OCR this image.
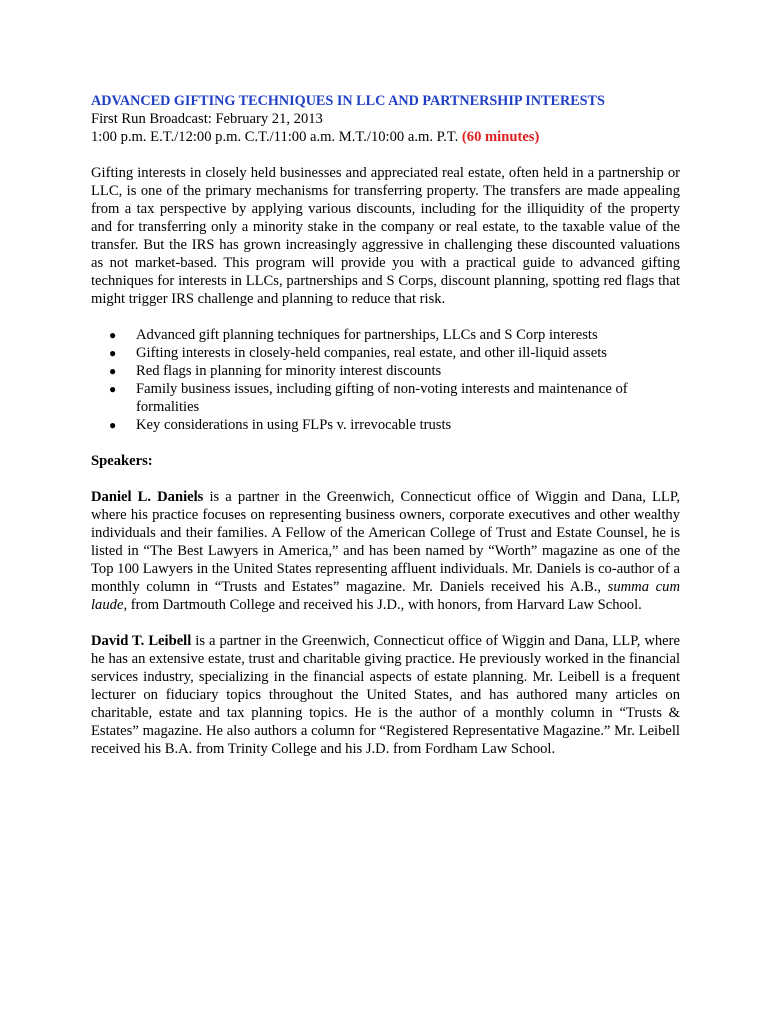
ADVANCED GIFTING TECHNIQUES IN LLC AND PARTNERSHIP INTERESTS
First Run Broadcast: February 21, 2013
1:00 p.m. E.T./12:00 p.m. C.T./11:00 a.m. M.T./10:00 a.m. P.T. (60 minutes)

Gifting interests in closely held businesses and appreciated real estate, often held in a partnership or LLC, is one of the primary mechanisms for transferring property. The transfers are made appealing from a tax perspective by applying various discounts, including for the illiquidity of the property and for transferring only a minority stake in the company or real estate, to the taxable value of the transfer. But the IRS has grown increasingly aggressive in challenging these discounted valuations as not market-based. This program will provide you with a practical guide to advanced gifting techniques for interests in LLCs, partnerships and S Corps, discount planning, spotting red flags that might trigger IRS challenge and planning to reduce that risk.

● Advanced gift planning techniques for partnerships, LLCs and S Corp interests
● Gifting interests in closely-held companies, real estate, and other ill-liquid assets
● Red flags in planning for minority interest discounts
● Family business issues, including gifting of non-voting interests and maintenance of formalities
● Key considerations in using FLPs v. irrevocable trusts
Speakers:

Daniel L. Daniels is a partner in the Greenwich, Connecticut office of Wiggin and Dana, LLP, where his practice focuses on representing business owners, corporate executives and other wealthy individuals and their families. A Fellow of the American College of Trust and Estate Counsel, he is listed in “The Best Lawyers in America,” and has been named by “Worth” magazine as one of the Top 100 Lawyers in the United States representing affluent individuals. Mr. Daniels is co-author of a monthly column in “Trusts and Estates” magazine. Mr. Daniels received his A.B., summa cum laude, from Dartmouth College and received his J.D., with honors, from Harvard Law School.

David T. Leibell is a partner in the Greenwich, Connecticut office of Wiggin and Dana, LLP, where he has an extensive estate, trust and charitable giving practice. He previously worked in the financial services industry, specializing in the financial aspects of estate planning. Mr. Leibell is a frequent lecturer on fiduciary topics throughout the United States, and has authored many articles on charitable, estate and tax planning topics. He is the author of a monthly column in “Trusts & Estates” magazine. He also authors a column for “Registered Representative Magazine.” Mr. Leibell received his B.A. from Trinity College and his J.D. from Fordham Law School.
